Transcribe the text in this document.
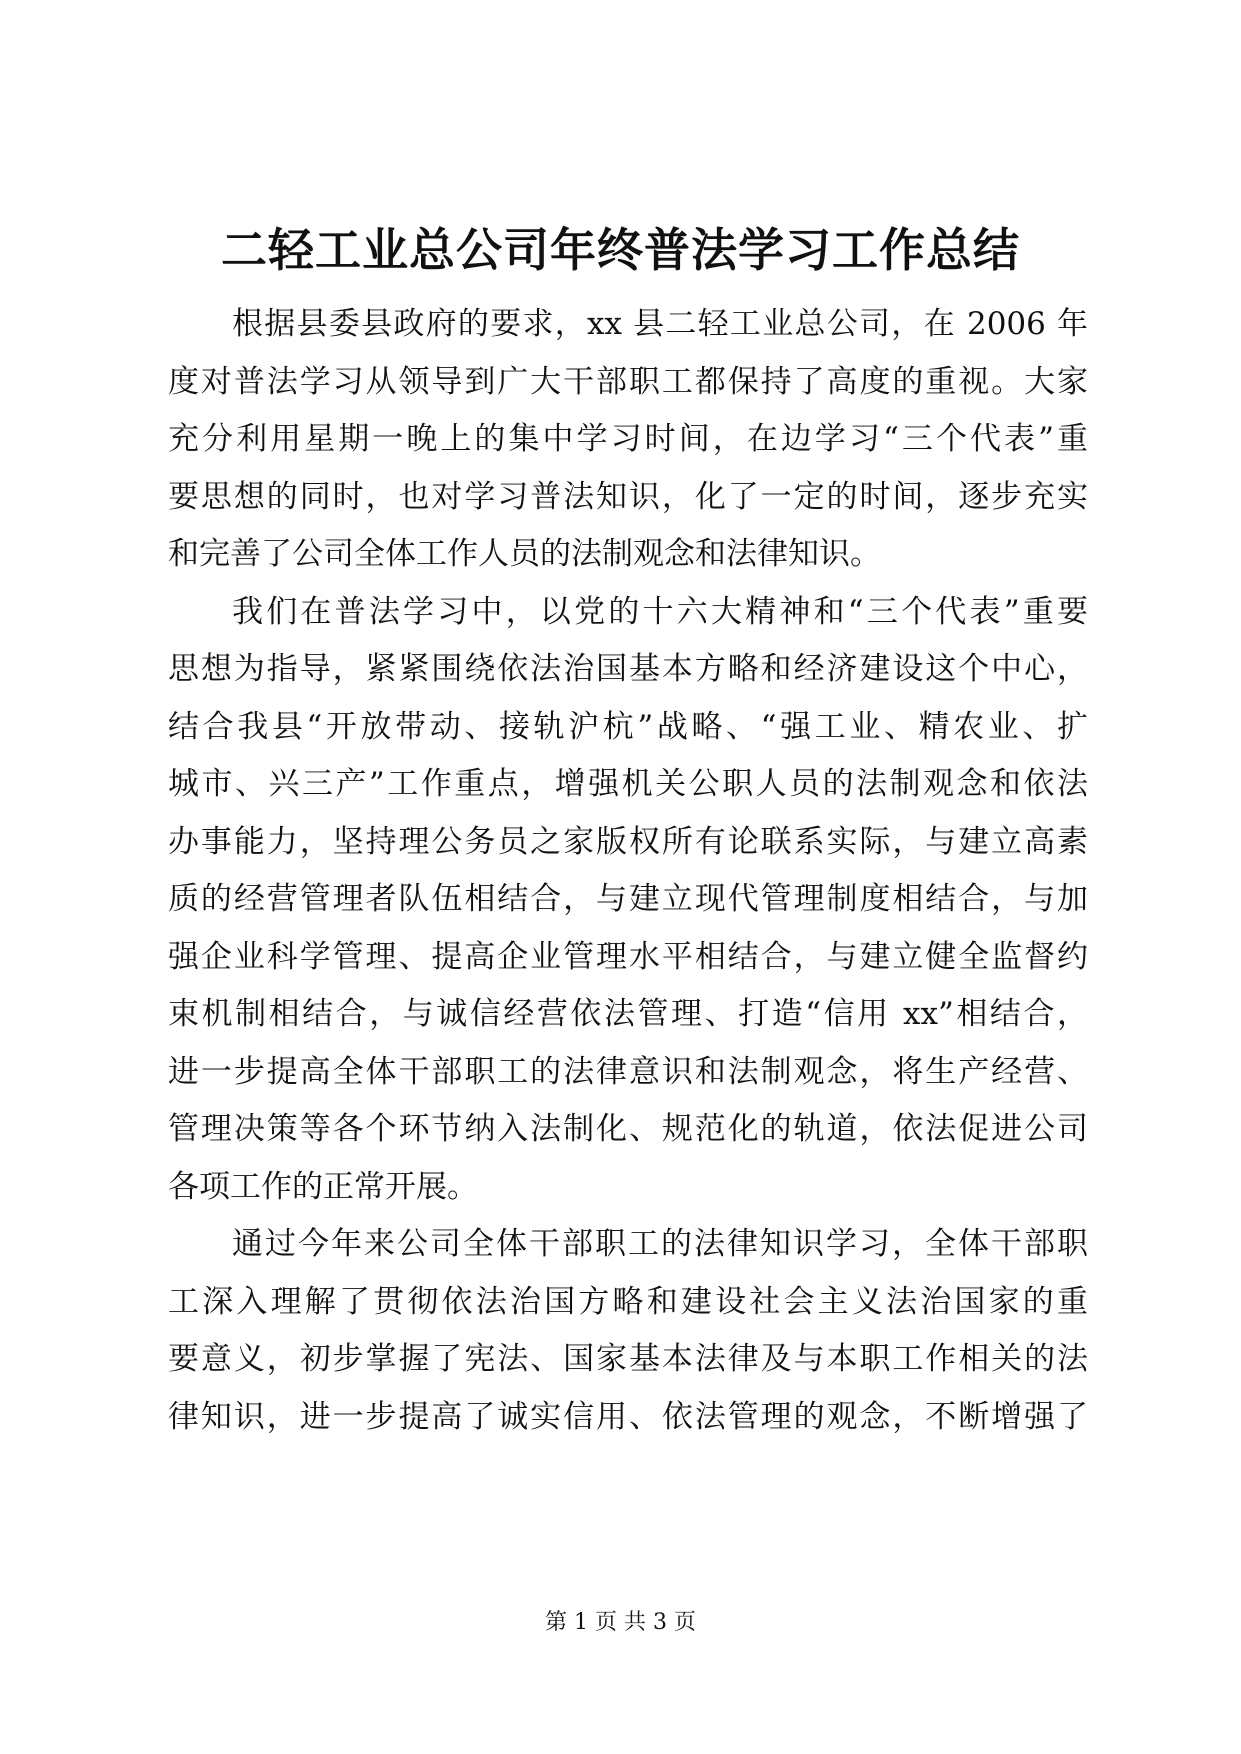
二轻工业总公司年终普法学习工作总结
根据县委县政府的要求，xx 县二轻工业总公司，在 2006 年
度对普法学习从领导到广大干部职工都保持了高度的重视。大家
充分利用星期一晚上的集中学习时间，在边学习“三个代表”重
要思想的同时，也对学习普法知识，化了一定的时间，逐步充实
和完善了公司全体工作人员的法制观念和法律知识。
我们在普法学习中，以党的十六大精神和“三个代表”重要
思想为指导，紧紧围绕依法治国基本方略和经济建设这个中心，
结合我县“开放带动、接轨沪杭”战略、“强工业、精农业、扩
城市、兴三产”工作重点，增强机关公职人员的法制观念和依法
办事能力，坚持理公务员之家版权所有论联系实际，与建立高素
质的经营管理者队伍相结合，与建立现代管理制度相结合，与加
强企业科学管理、提高企业管理水平相结合，与建立健全监督约
束机制相结合，与诚信经营依法管理、打造“信用 xx”相结合，
进一步提高全体干部职工的法律意识和法制观念，将生产经营、
管理决策等各个环节纳入法制化、规范化的轨道，依法促进公司
各项工作的正常开展。
通过今年来公司全体干部职工的法律知识学习，全体干部职
工深入理解了贯彻依法治国方略和建设社会主义法治国家的重
要意义，初步掌握了宪法、国家基本法律及与本职工作相关的法
律知识，进一步提高了诚实信用、依法管理的观念，不断增强了
第 1 页 共 3 页
